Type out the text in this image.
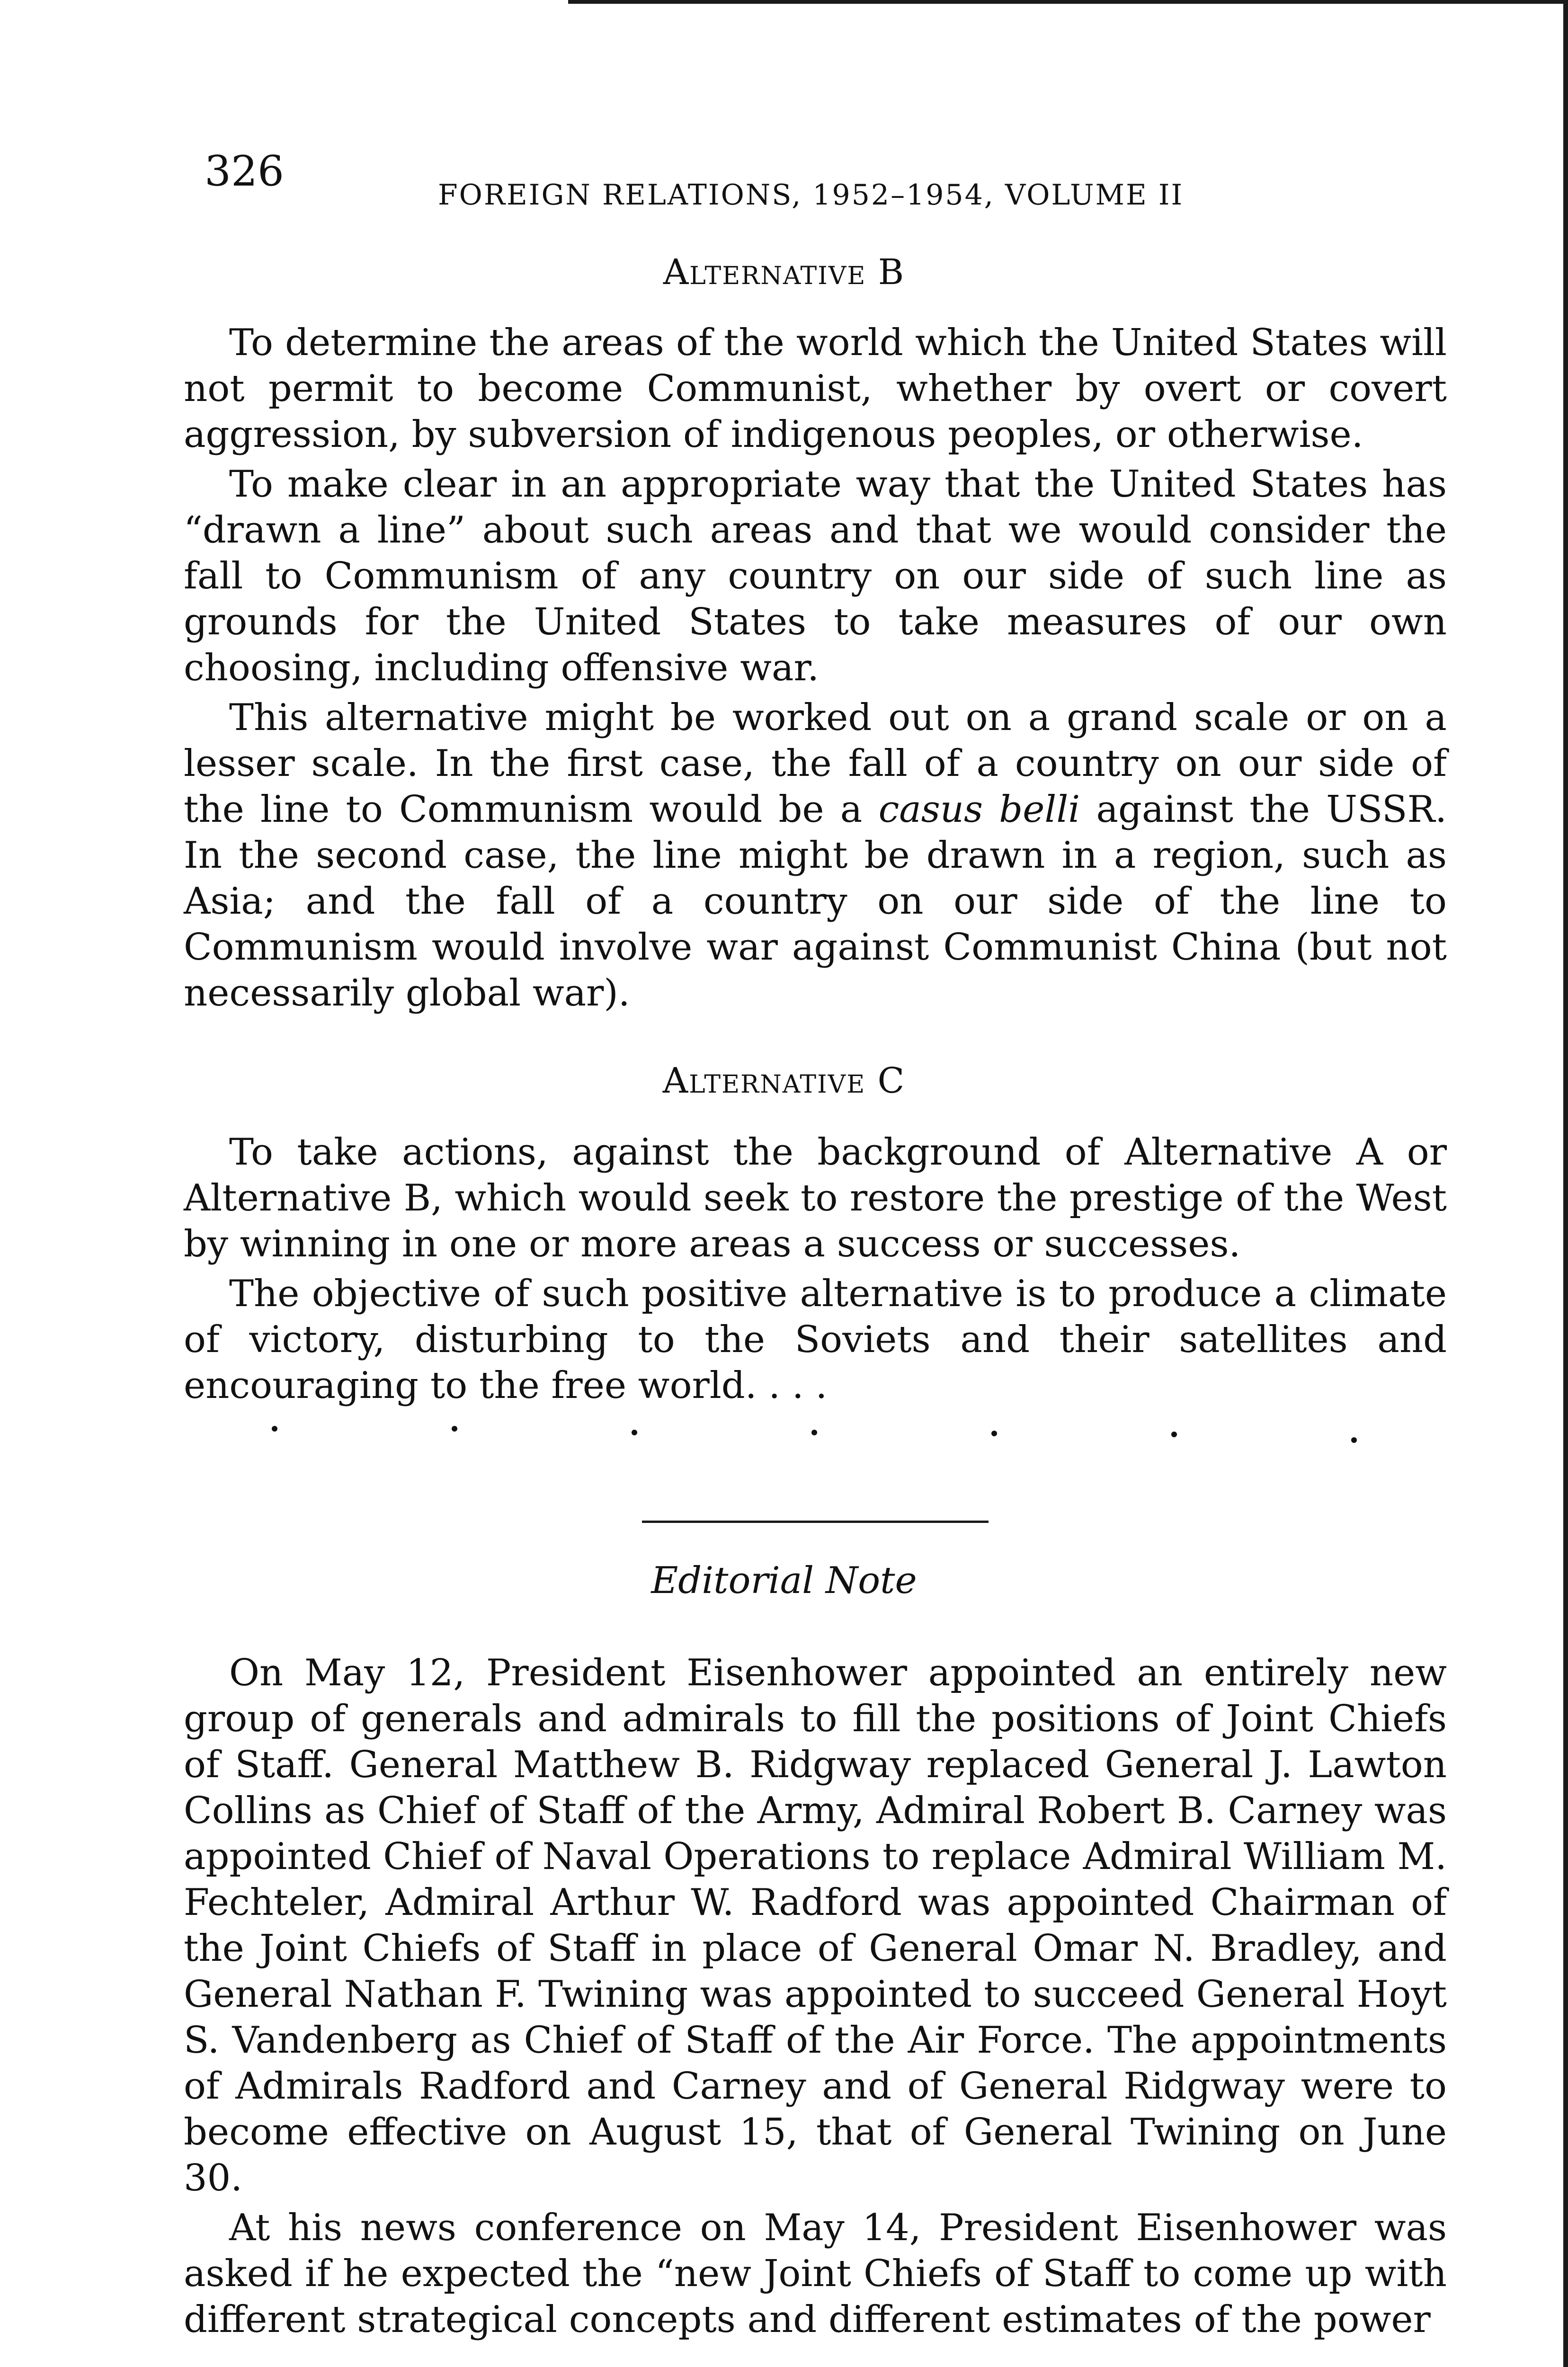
326	FOREIGN RELATIONS, 1952–1954, VOLUME II
Alternative B

To determine the areas of the world which the United States will not permit to become Communist, whether by overt or covert aggression, by subversion of indigenous peoples, or otherwise.

To make clear in an appropriate way that the United States has “drawn a line” about such areas and that we would consider the fall to Communism of any country on our side of such line as grounds for the United States to take measures of our own choosing, including offensive war.

This alternative might be worked out on a grand scale or on a lesser scale. In the first case, the fall of a country on our side of the line to Communism would be a casus belli against the USSR. In the second case, the line might be drawn in a region, such as Asia; and the fall of a country on our side of the line to Communism would involve war against Communist China (but not necessarily global war).

Alternative C

To take actions, against the background of Alternative A or Alternative B, which would seek to restore the prestige of the West by winning in one or more areas a success or successes.

The objective of such positive alternative is to produce a climate of victory, disturbing to the Soviets and their satellites and encouraging to the free world. . . .

Editorial Note

On May 12, President Eisenhower appointed an entirely new group of generals and admirals to fill the positions of Joint Chiefs of Staff. General Matthew B. Ridgway replaced General J. Lawton Collins as Chief of Staff of the Army, Admiral Robert B. Carney was appointed Chief of Naval Operations to replace Admiral William M. Fechteler, Admiral Arthur W. Radford was appointed Chairman of the Joint Chiefs of Staff in place of General Omar N. Bradley, and General Nathan F. Twining was appointed to succeed General Hoyt S. Vandenberg as Chief of Staff of the Air Force. The appointments of Admirals Radford and Carney and of General Ridgway were to become effective on August 15, that of General Twining on June 30.

At his news conference on May 14, President Eisenhower was asked if he expected the “new Joint Chiefs of Staff to come up with different strategical concepts and different estimates of the power
